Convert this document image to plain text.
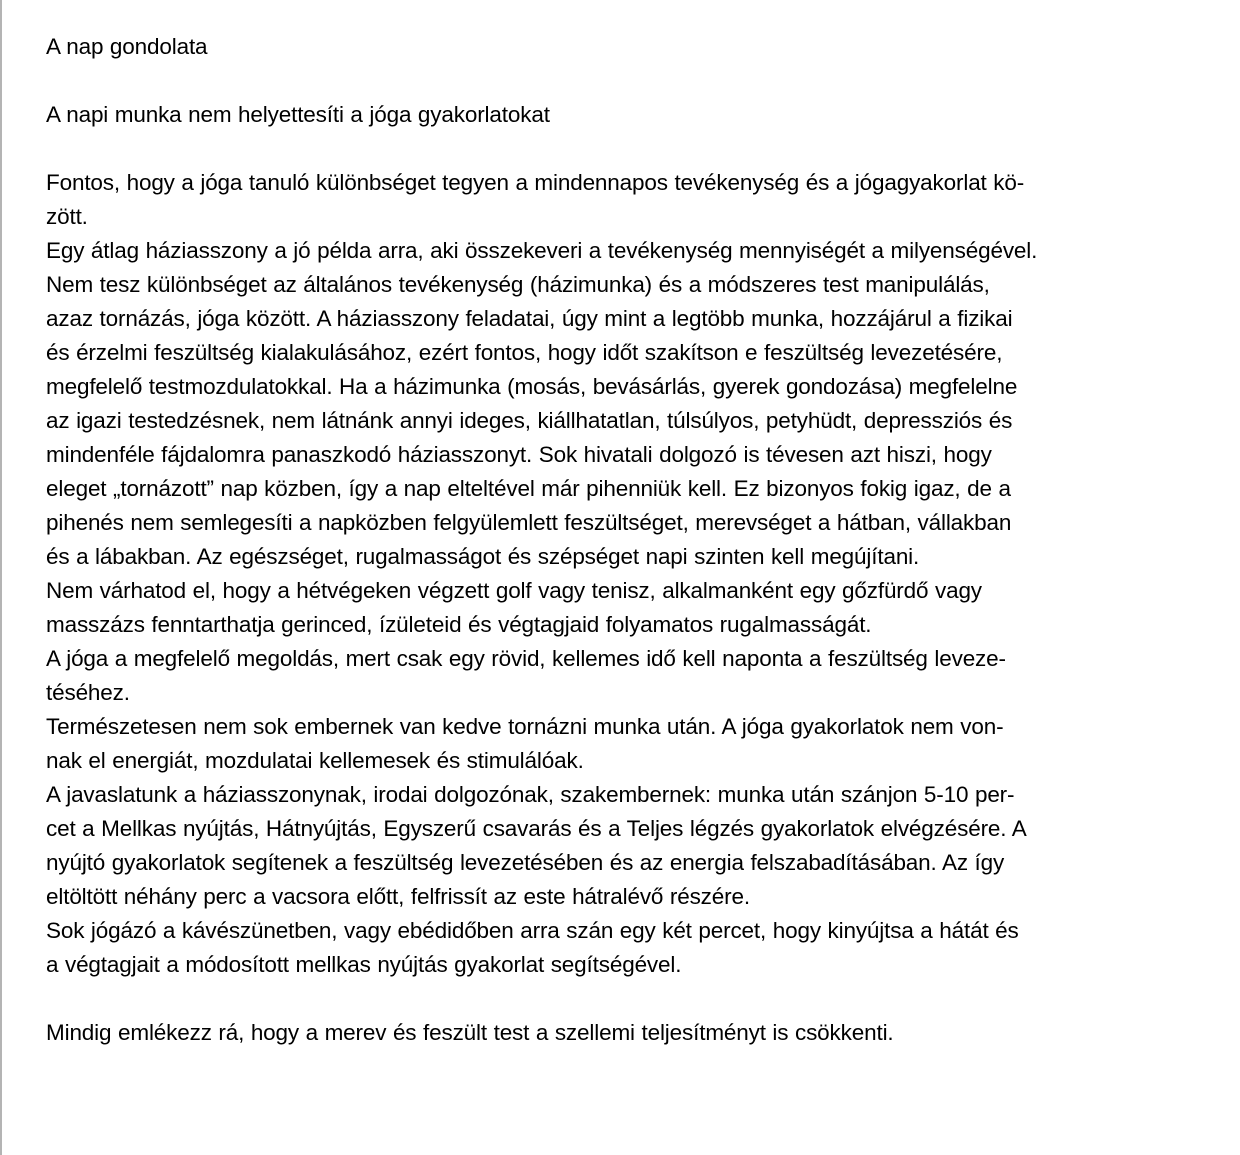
A nap gondolata
A napi munka nem helyettesíti a jóga gyakorlatokat
Fontos, hogy a jóga tanuló különbséget tegyen a mindennapos tevékenység és a jógagyakorlat kö-
zött.
Egy átlag háziasszony a jó példa arra, aki összekeveri a tevékenység mennyiségét a milyenségével.
Nem tesz különbséget az általános tevékenység (házimunka) és a módszeres test manipulálás,
azaz tornázás, jóga között. A háziasszony feladatai, úgy mint a legtöbb munka, hozzájárul a fizikai
és érzelmi feszültség kialakulásához, ezért fontos, hogy időt szakítson e feszültség levezetésére,
megfelelő testmozdulatokkal. Ha a házimunka (mosás, bevásárlás, gyerek gondozása) megfelelne
az igazi testedzésnek, nem látnánk annyi ideges, kiállhatatlan, túlsúlyos, petyhüdt, depressziós és
mindenféle fájdalomra panaszkodó háziasszonyt. Sok hivatali dolgozó is tévesen azt hiszi, hogy
eleget „tornázott” nap közben, így a nap elteltével már pihenniük kell. Ez bizonyos fokig igaz, de a
pihenés nem semlegesíti a napközben felgyülemlett feszültséget, merevséget a hátban, vállakban
és a lábakban. Az egészséget, rugalmasságot és szépséget napi szinten kell megújítani.
Nem várhatod el, hogy a hétvégeken végzett golf vagy tenisz, alkalmanként egy gőzfürdő vagy
masszázs fenntarthatja gerinced, ízületeid és végtagjaid folyamatos rugalmasságát.
A jóga a megfelelő megoldás, mert csak egy rövid, kellemes idő kell naponta a feszültség leveze-
téséhez.
Természetesen nem sok embernek van kedve tornázni munka után. A jóga gyakorlatok nem von-
nak el energiát, mozdulatai kellemesek és stimulálóak.
A javaslatunk a háziasszonynak, irodai dolgozónak, szakembernek: munka után szánjon 5-10 per-
cet a Mellkas nyújtás, Hátnyújtás, Egyszerű csavarás és a Teljes légzés gyakorlatok elvégzésére. A
nyújtó gyakorlatok segítenek a feszültség levezetésében és az energia felszabadításában. Az így
eltöltött néhány perc a vacsora előtt, felfrissít az este hátralévő részére.
Sok jógázó a kávészünetben, vagy ebédidőben arra szán egy két percet, hogy kinyújtsa a hátát és
a végtagjait a módosított mellkas nyújtás gyakorlat segítségével.
Mindig emlékezz rá, hogy a merev és feszült test a szellemi teljesítményt is csökkenti.
